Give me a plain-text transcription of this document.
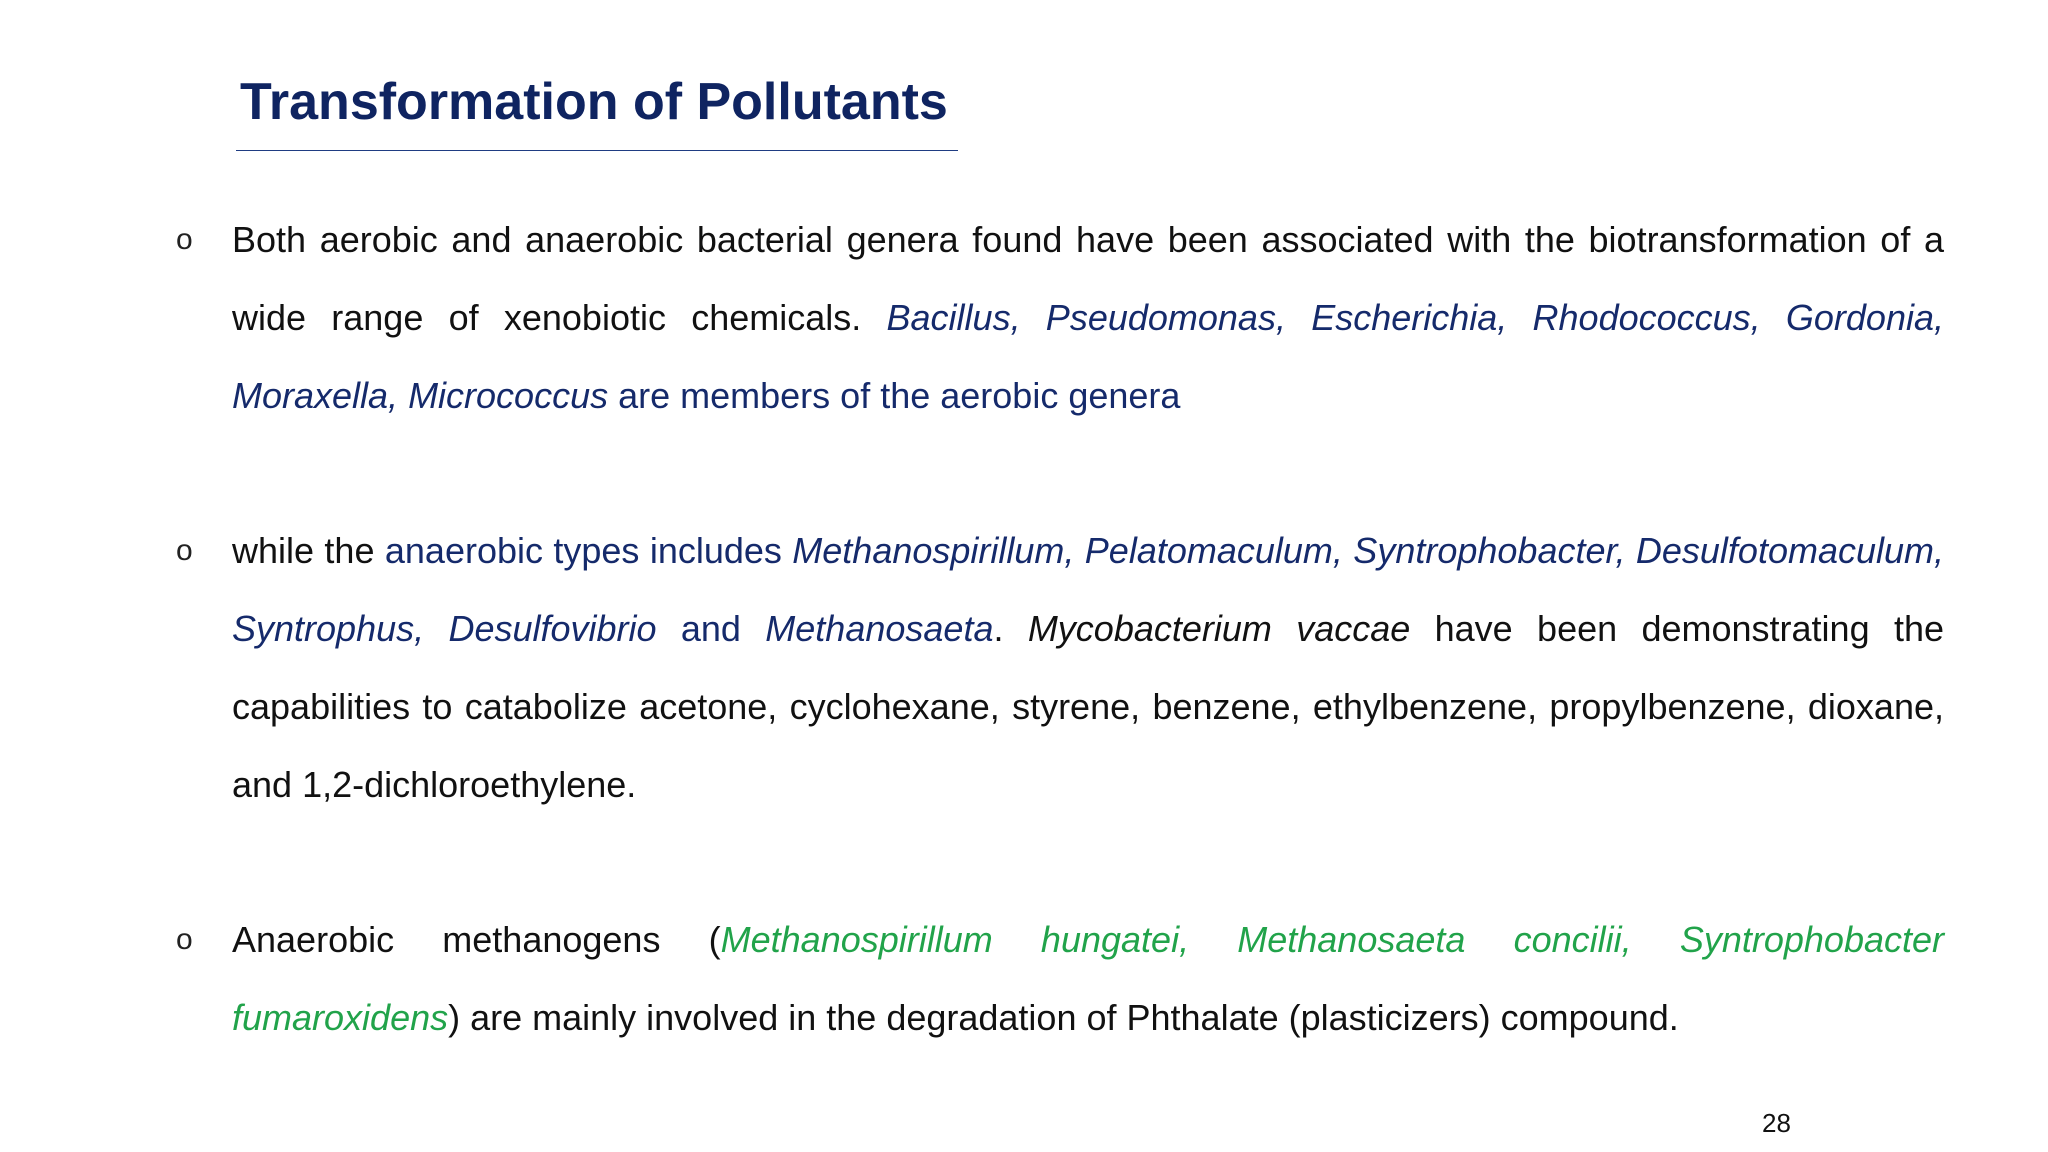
Transformation of Pollutants
o Both aerobic and anaerobic bacterial genera found have been associated with the biotransformation of a wide range of xenobiotic chemicals. Bacillus, Pseudomonas, Escherichia, Rhodococcus, Gordonia, Moraxella, Micrococcus are members of the aerobic genera
o while the anaerobic types includes Methanospirillum, Pelatomaculum, Syntrophobacter, Desulfotomaculum, Syntrophus, Desulfovibrio and Methanosaeta. Mycobacterium vaccae have been demonstrating the capabilities to catabolize acetone, cyclohexane, styrene, benzene, ethylbenzene, propylbenzene, dioxane, and 1,2-dichloroethylene.
o Anaerobic methanogens (Methanospirillum hungatei, Methanosaeta concilii, Syntrophobacter fumaroxidens) are mainly involved in the degradation of Phthalate (plasticizers) compound.
28
